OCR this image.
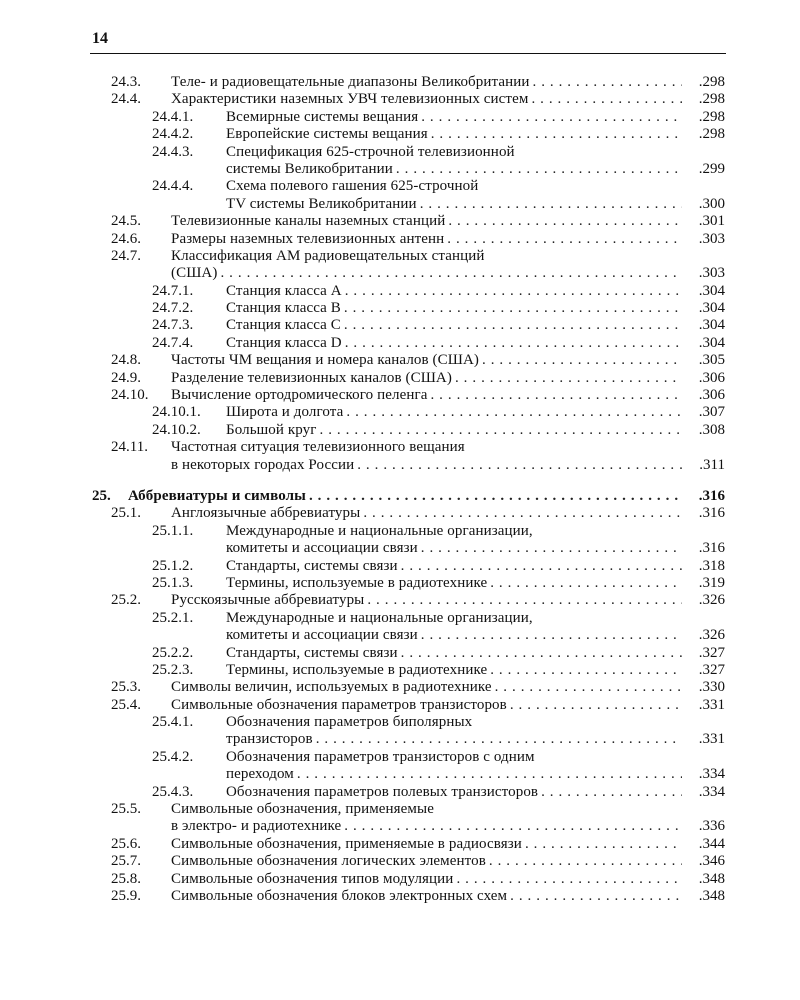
14
24.3. Теле- и радиовещательные диапазоны Великобритании . . .	.298
24.4. Характеристики наземных УВЧ телевизионных систем . . .	.298
24.4.1. Всемирные системы вещания . . .	.298
24.4.2. Европейские системы вещания . . .	.298
24.4.3. Спецификация 625-строчной телевизионной
системы Великобритании . . .	.299
24.4.4. Схема полевого гашения 625-строчной
TV системы Великобритании . . .	.300
24.5. Телевизионные каналы наземных станций . . .	.301
24.6. Размеры наземных телевизионных антенн . . .	.303
24.7. Классификация АМ радиовещательных станций
(США) . . .	.303
24.7.1. Станция класса А . . .	.304
24.7.2. Станция класса B . . .	.304
24.7.3. Станция класса C . . .	.304
24.7.4. Станция класса D . . .	.304
24.8. Частоты ЧМ вещания и номера каналов (США) . . .	.305
24.9. Разделение телевизионных каналов (США) . . .	.306
24.10. Вычисление ортодромического пеленга . . .	.306
24.10.1. Широта и долгота . . .	.307
24.10.2. Большой круг . . .	.308
24.11. Частотная ситуация телевизионного вещания
в некоторых городах России . . .	.311
25. Аббревиатуры и символы . . .	.316
25.1. Англоязычные аббревиатуры . . .	.316
25.1.1. Международные и национальные организации,
комитеты и ассоциации связи . . .	.316
25.1.2. Стандарты, системы связи . . .	.318
25.1.3. Термины, используемые в радиотехнике . . .	.319
25.2. Русскоязычные аббревиатуры . . .	.326
25.2.1. Международные и национальные организации,
комитеты и ассоциации связи . . .	.326
25.2.2. Стандарты, системы связи . . .	.327
25.2.3. Термины, используемые в радиотехнике . . .	.327
25.3. Символы величин, используемых в радиотехнике . . .	.330
25.4. Символьные обозначения параметров транзисторов . . .	.331
25.4.1. Обозначения параметров биполярных
транзисторов . . .	.331
25.4.2. Обозначения параметров транзисторов с одним
переходом . . .	.334
25.4.3. Обозначения параметров полевых транзисторов . . .	.334
25.5. Символьные обозначения, применяемые
в электро- и радиотехнике . . .	.336
25.6. Символьные обозначения, применяемые в радиосвязи . . .	.344
25.7. Символьные обозначения логических элементов . . .	.346
25.8. Символьные обозначения типов модуляции . . .	.348
25.9. Символьные обозначения блоков электронных схем . . .	.348
